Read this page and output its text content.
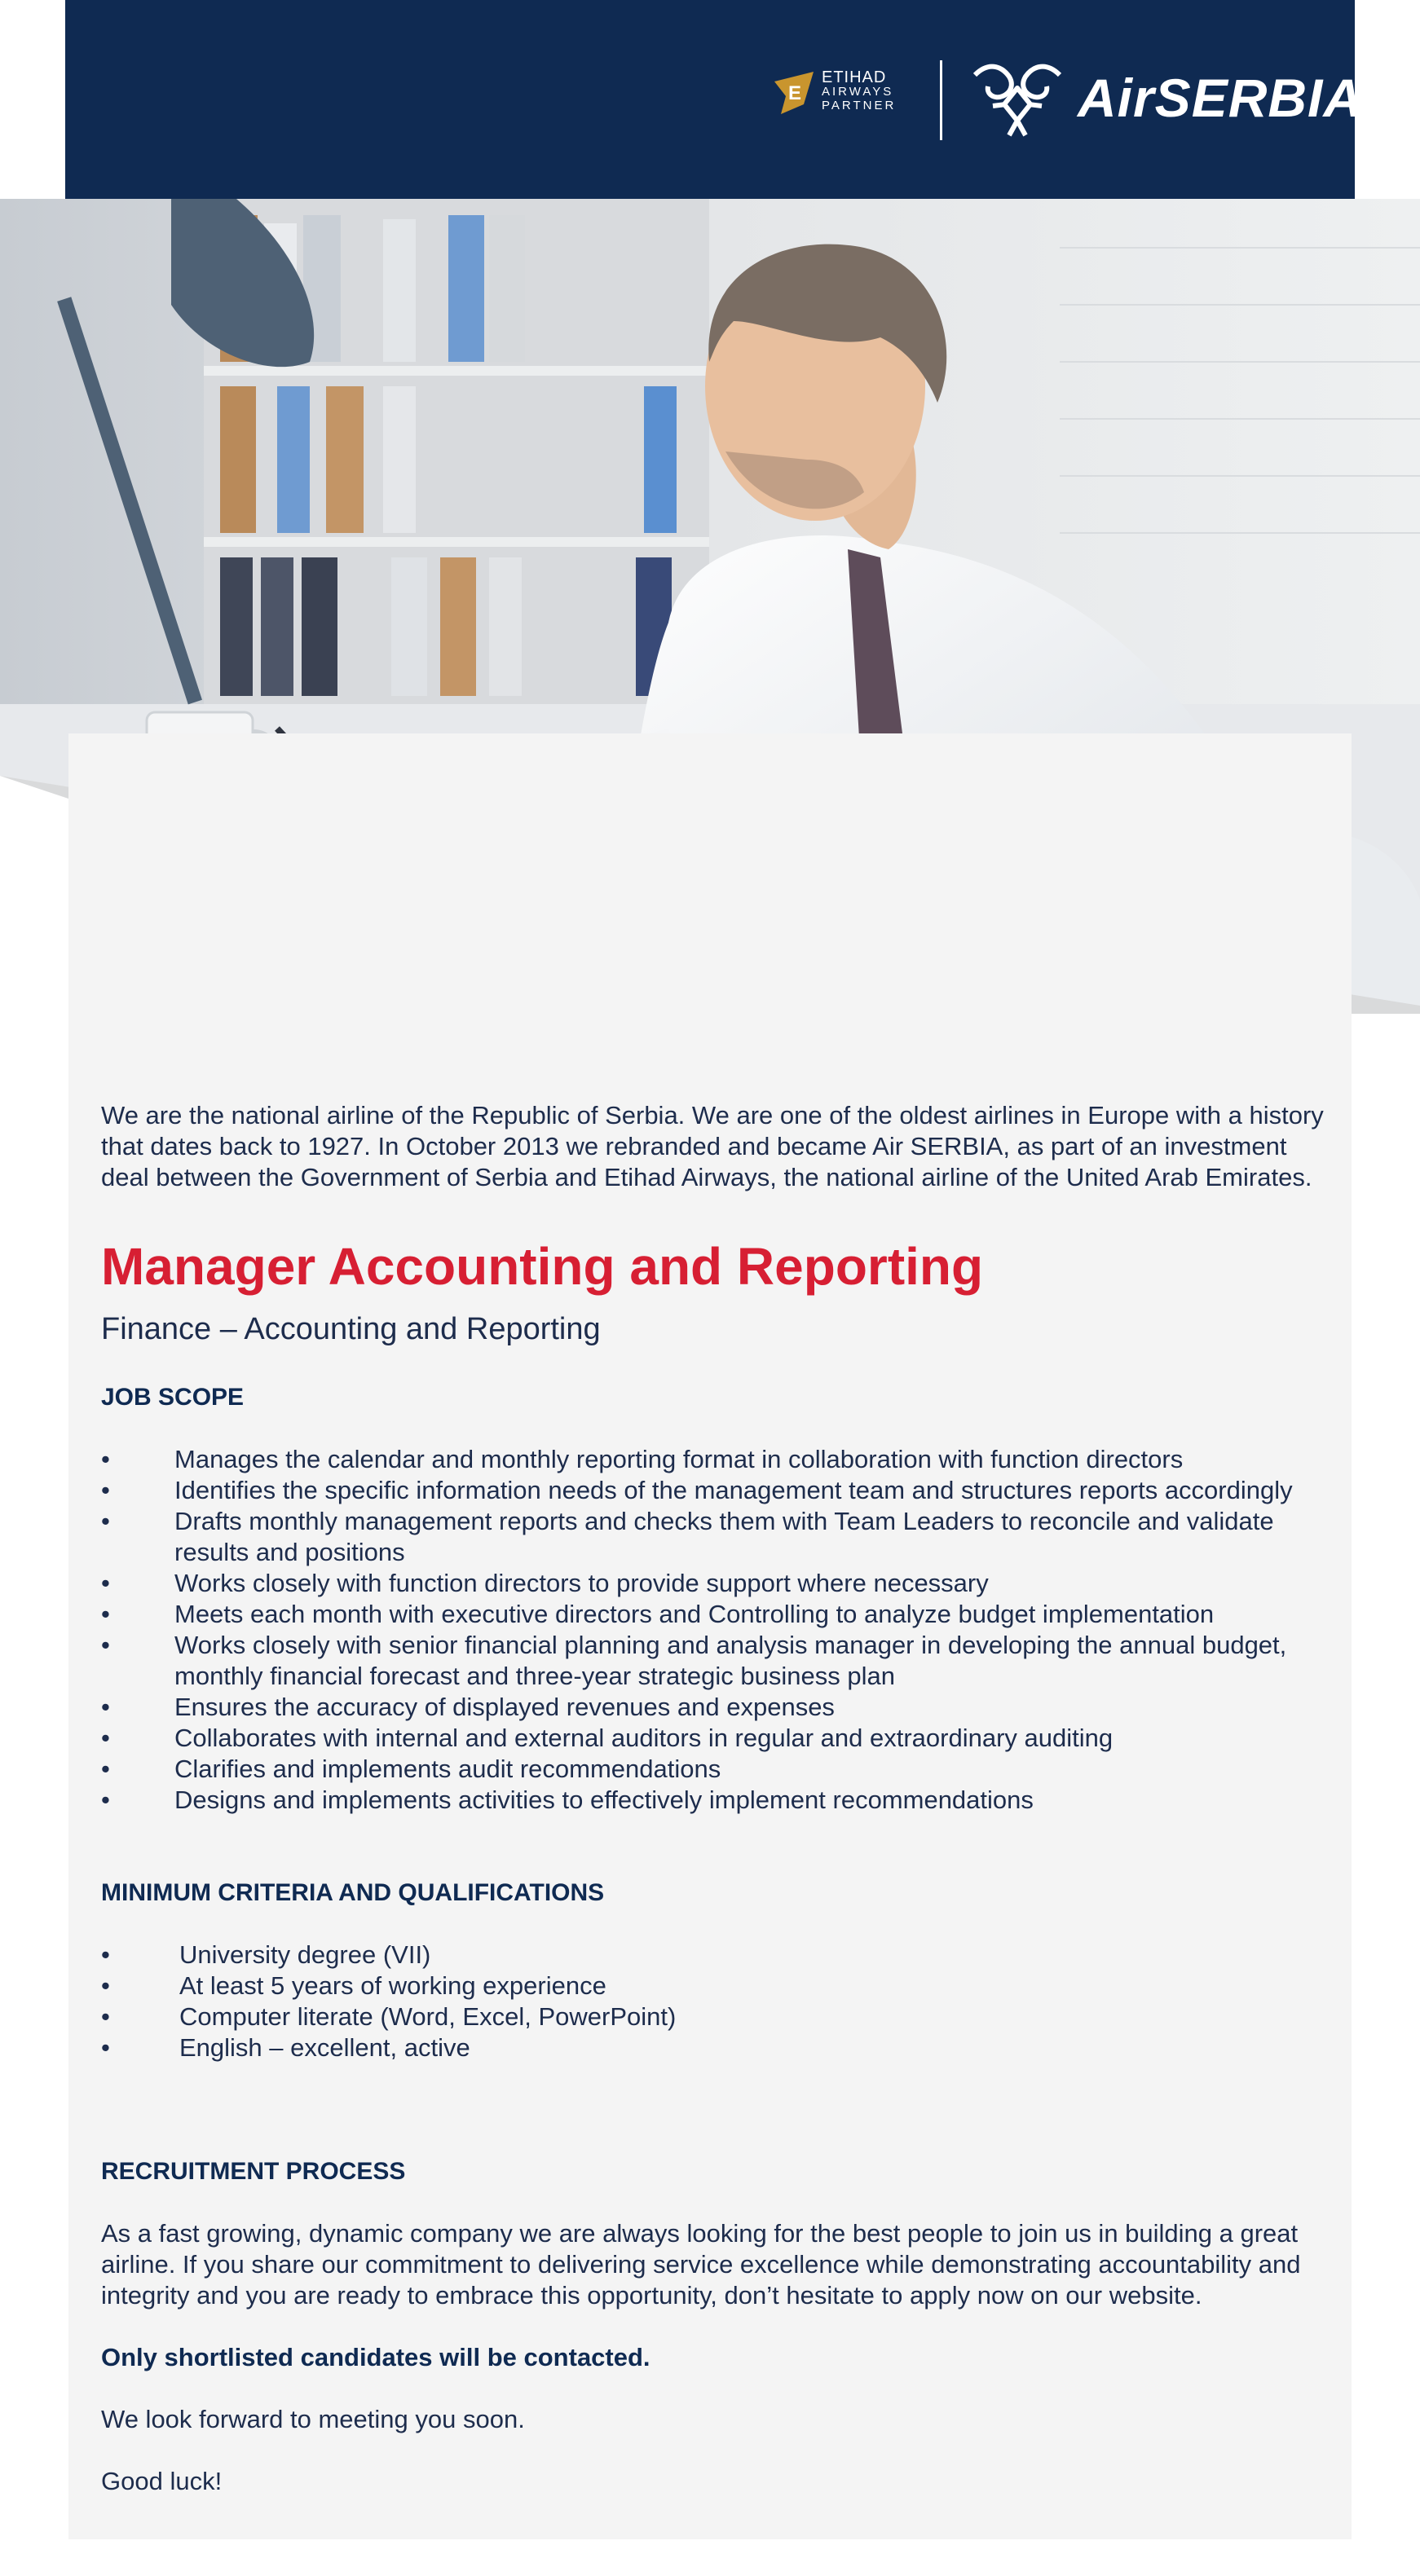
E
ETIHAD
AIRWAYS
PARTNER	AirSERBIA

We are the national airline of the Republic of Serbia. We are one of the oldest airlines in Europe with a history that dates back to 1927. In October 2013 we rebranded and became Air SERBIA, as part of an investment deal between the Government of Serbia and Etihad Airways, the national airline of the United Arab Emirates.

Manager Accounting and Reporting
Finance – Accounting and Reporting
JOB SCOPE
•	Manages the calendar and monthly reporting format in collaboration with function directors
•	Identifies the specific information needs of the management team and structures reports accordingly
•	Drafts monthly management reports and checks them with Team Leaders to reconcile and validate results and positions
•	Works closely with function directors to provide support where necessary
•	Meets each month with executive directors and Controlling to analyze budget implementation
•	Works closely with senior financial planning and analysis manager in developing the annual budget, monthly financial forecast and three-year strategic business plan
•	Ensures the accuracy of displayed revenues and expenses
•	Collaborates with internal and external auditors in regular and extraordinary auditing
•	Clarifies and implements audit recommendations
•	Designs and implements activities to effectively implement recommendations
MINIMUM CRITERIA AND QUALIFICATIONS
•	University degree (VII)
•	At least 5 years of working experience
•	Computer literate (Word, Excel, PowerPoint)
•	English – excellent, active
RECRUITMENT PROCESS

As a fast growing, dynamic company we are always looking for the best people to join us in building a great airline. If you share our commitment to delivering service excellence while demonstrating accountability and integrity and you are ready to embrace this opportunity, don’t hesitate to apply now on our website.

Only shortlisted candidates will be contacted.

We look forward to meeting you soon.

Good luck!
